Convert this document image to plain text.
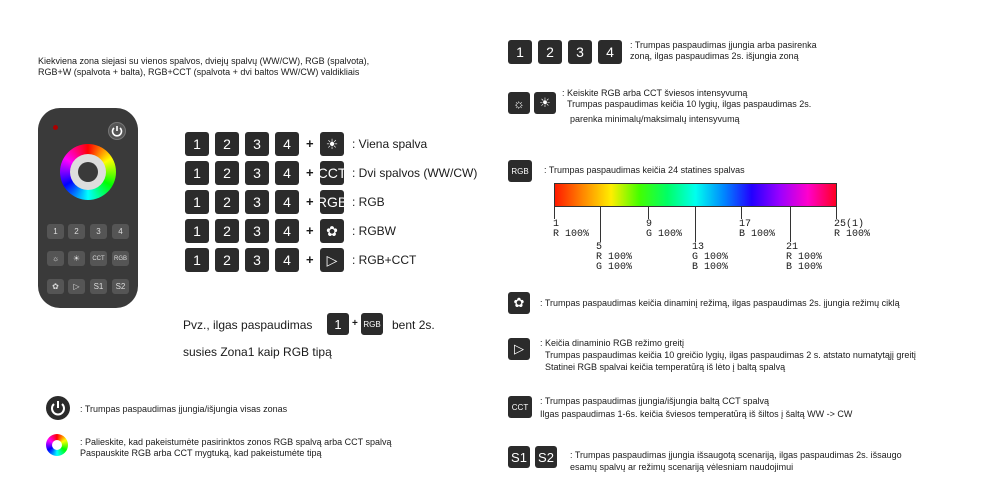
Kiekviena zona siejasi su vienos spalvos, dviejų spalvų (WW/CW), RGB (spalvota),
RGB+W (spalvota + balta), RGB+CCT (spalvota + dvi baltos WW/CW) valdikliais
1	2	3	4
☼	☀	CCT	RGB
✿	▷	S1	S2
1	2	3	4	+ ☀	: Viena spalva
1	2	3	4	+ CCT : Dvi spalvos (WW/CW)
1	2	3	4	+ RGB : RGB
1	2	3	4	+ ✿	: RGBW
1	2	3	4	+ ▷	: RGB+CCT
Pvz., ilgas paspaudimas	1	+ RGB bent 2s.
susies Zona1 kaip RGB tipą
: Trumpas paspaudimas įjungia/išjungia visas zonas
: Palieskite, kad pakeistumėte pasirinktos zonos RGB spalvą arba CCT spalvą
Paspauskite RGB arba CCT mygtuką, kad pakeistumėte tipą
1	2	3	4	: Trumpas paspaudimas įjungia arba pasirenka
zoną, ilgas paspaudimas 2s. išjungia zoną
☼	☀
: Keiskite RGB arba CCT šviesos intensyvumą
Trumpas paspaudimas keičia 10 lygių, ilgas paspaudimas 2s.
parenka minimalų/maksimalų intensyvumą
RGB	: Trumpas paspaudimas keičia 24 statines spalvas
1
R 100%
9
G 100%
17
B 100%
25(1)
R 100%
5
R 100%
G 100%
13
G 100%
B 100%
21
R 100%
B 100%
✿	: Trumpas paspaudimas keičia dinaminį režimą, ilgas paspaudimas 2s. įjungia režimų ciklą
▷	: Keičia dinaminio RGB režimo greitį
Trumpas paspaudimas keičia 10 greičio lygių, ilgas paspaudimas 2 s. atstato numatytąjį greitį
Statinei RGB spalvai keičia temperatūrą iš lėto į baltą spalvą
CCT
: Trumpas paspaudimas įjungia/išjungia baltą CCT spalvą
Ilgas paspaudimas 1-6s. keičia šviesos temperatūrą iš šiltos į šaltą WW -> CW
S1 S2	: Trumpas paspaudimas įjungia išsaugotą scenariją, ilgas paspaudimas 2s. išsaugo
esamų spalvų ar režimų scenariją vėlesniam naudojimui
